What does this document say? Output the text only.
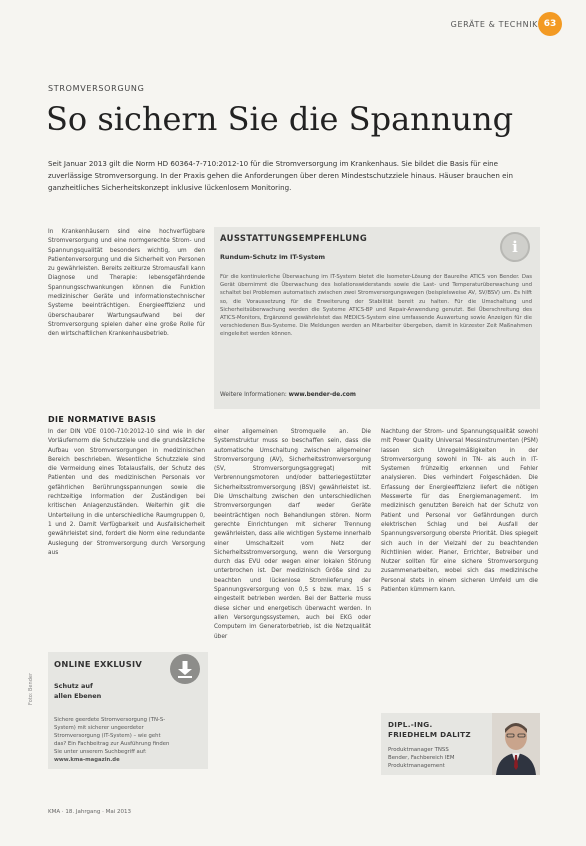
GERÄTE & TECHNIK 63
STROMVERSORGUNG
So sichern Sie die Spannung
Seit Januar 2013 gilt die Norm HD 60364-7-710:2012-10 für die Stromversorgung im Krankenhaus. Sie bildet die Basis für eine zuverlässige Stromversorgung. In der Praxis gehen die Anforderungen über deren Mindestschutzziele hinaus. Häuser brauchen ein ganzheitliches Sicherheitskonzept inklusive lückenlosem Monitoring.
In Krankenhäusern sind eine hochverfügbare Stromversorgung und eine normgerechte Strom- und Spannungsqualität besonders wichtig, um den Patientenversorgung und die Sicherheit von Personen zu gewährleisten. Bereits zeitkurze Stromausfall kann Diagnose und Therapie: lebensgefährdende Spannungsschwankungen können die Funktion medizinischer Geräte und informationstechnischer Systeme beeinträchtigen. Energieeffizienz und überschaubarer Wartungsaufwand bei der Stromversorgung spielen daher eine große Rolle für den wirtschaftlichen Krankenhausbetrieb.
DIE NORMATIVE BASIS
In der DIN VDE 0100-710:2012-10 sind wie in der Vorläufernorm die Schutzziele und die grundsätzliche Aufbau von Stromversorgungen in medizinischen Bereich beschrieben. Wesentliche Schutzziele sind die Vermeidung eines Totalausfalls, der Schutz des Patienten und des medizinischen Personals vor gefährlichen Berührungsspannungen sowie die rechtzeitige Information der Zuständigen bei kritischen Anlagenzuständen. Weiterhin gilt die Unterteilung in die unterschiedliche Raumgruppen 0, 1 und 2. Damit Verfügbarkeit und Ausfallsicherheit gewährleistet sind, fordert die Norm eine redundante Auslegung der Stromversorgung durch Versorgung aus
einer allgemeinen Stromquelle an. Die Systemstruktur muss so beschaffen sein, dass die automatische Umschaltung zwischen allgemeiner Stromversorgung (AV), Sicherheitsstromversorgung (SV, Stromversorgungsaggregat) mit Verbrennungsmotoren und/oder batteriegestützter Sicherheitsstromversorgung (BSV) gewährleistet ist. Die Umschaltung zwischen den unterschiedlichen Stromversorgungen darf weder Geräte beeinträchtigen noch Behandlungen stören. Norm gerechte Einrichtungen mit sicherer Trennung gewährleisten, dass alle wichtigen Systeme innerhalb einer Umschaltzeit vom Netz der Sicherheitsstromversorgung, wenn die Versorgung durch das EVU oder wegen einer lokalen Störung unterbrochen ist. Der medizinisch Größe sind zu beachten und lückenlose Stromlieferung der Spannungsversorgung von 0,5 s bzw. max. 15 s eingestellt betrieben werden. Bei der Batterie muss diese sicher und energetisch überwacht werden. In allen Versorgungssystemen, auch bei EKG oder Computern im Generatorbetrieb, ist die Netzqualität über
Nachtung der Strom- und Spannungsqualität sowohl mit Power Quality Universal Messinstrumenten (PSM) lassen sich Unregelmäßigkeiten in der Stromversorgung sowohl in TN- als auch in IT-Systemen frühzeitig erkennen und Fehler analysieren. Dies verhindert Folgeschäden. Die Erfassung der Energieeffizienz liefert die nötigen Messwerte für das Energiemanagement. Im medizinisch genutzten Bereich hat der Schutz von Patient und Personal vor Gefährdungen durch elektrischen Schlag und bei Ausfall der Spannungsversorgung oberste Priorität. Dies spiegelt sich auch in der Vielzahl der zu beachtenden Richtlinien wider. Planer, Errichter, Betreiber und Nutzer sollten für eine sichere Stromversorgung zusammenarbeiten, wobei sich das medizinische Personal stets in einem sicheren Umfeld um die Patienten kümmern kann.
AUSSTATTUNGSEMPFEHLUNG
Rundum-Schutz im IT-System
i
Für die kontinuierliche Überwachung im IT-System bietet die Isometer-Lösung der Baureihe ATICS von Bender. Das Gerät übernimmt die Überwachung des Isolationswiderstands sowie die Last- und Temperaturüberwachung und schaltet bei Problemen automatisch zwischen zwei Stromversorgungswegen (beispielsweise AV, SV/BSV) um. Es hilft so, die Voraussetzung für die Erweiterung der Stabilität bereit zu halten. Für die Umschaltung und Sicherheitsüberwachung werden die Systeme ATICS-BP und Repair-Anwendung genutzt. Bei Überschreitung des ATICS-Monitors, Ergänzend gewährleistet das MEDICS-System eine umfassende Auswertung sowie Anzeigen für die verschiedenen Bus-Systeme. Die Meldungen werden an Mitarbeiter übergeben, damit in kürzester Zeit Maßnahmen eingeleitet werden können.
Weitere Informationen: www.bender-de.com
ONLINE EXKLUSIV
Schutz auf
allen Ebenen
Sichere geerdete Stromversorgung (TN-S-System) mit sicherer ungeerdeter Stromversorgung (IT-System) – wie geht das? Ein Fachbeitrag zur Ausführung finden Sie unter unserem Suchbegriff auf: www.kma-magazin.de
DIPL.-ING.
FRIEDHELM DALITZ
Produktmanager TNSS
Bender, Fachbereich IEM
Produktmanagement
KMA · 18. Jahrgang · Mai 2013
Foto: Bender
